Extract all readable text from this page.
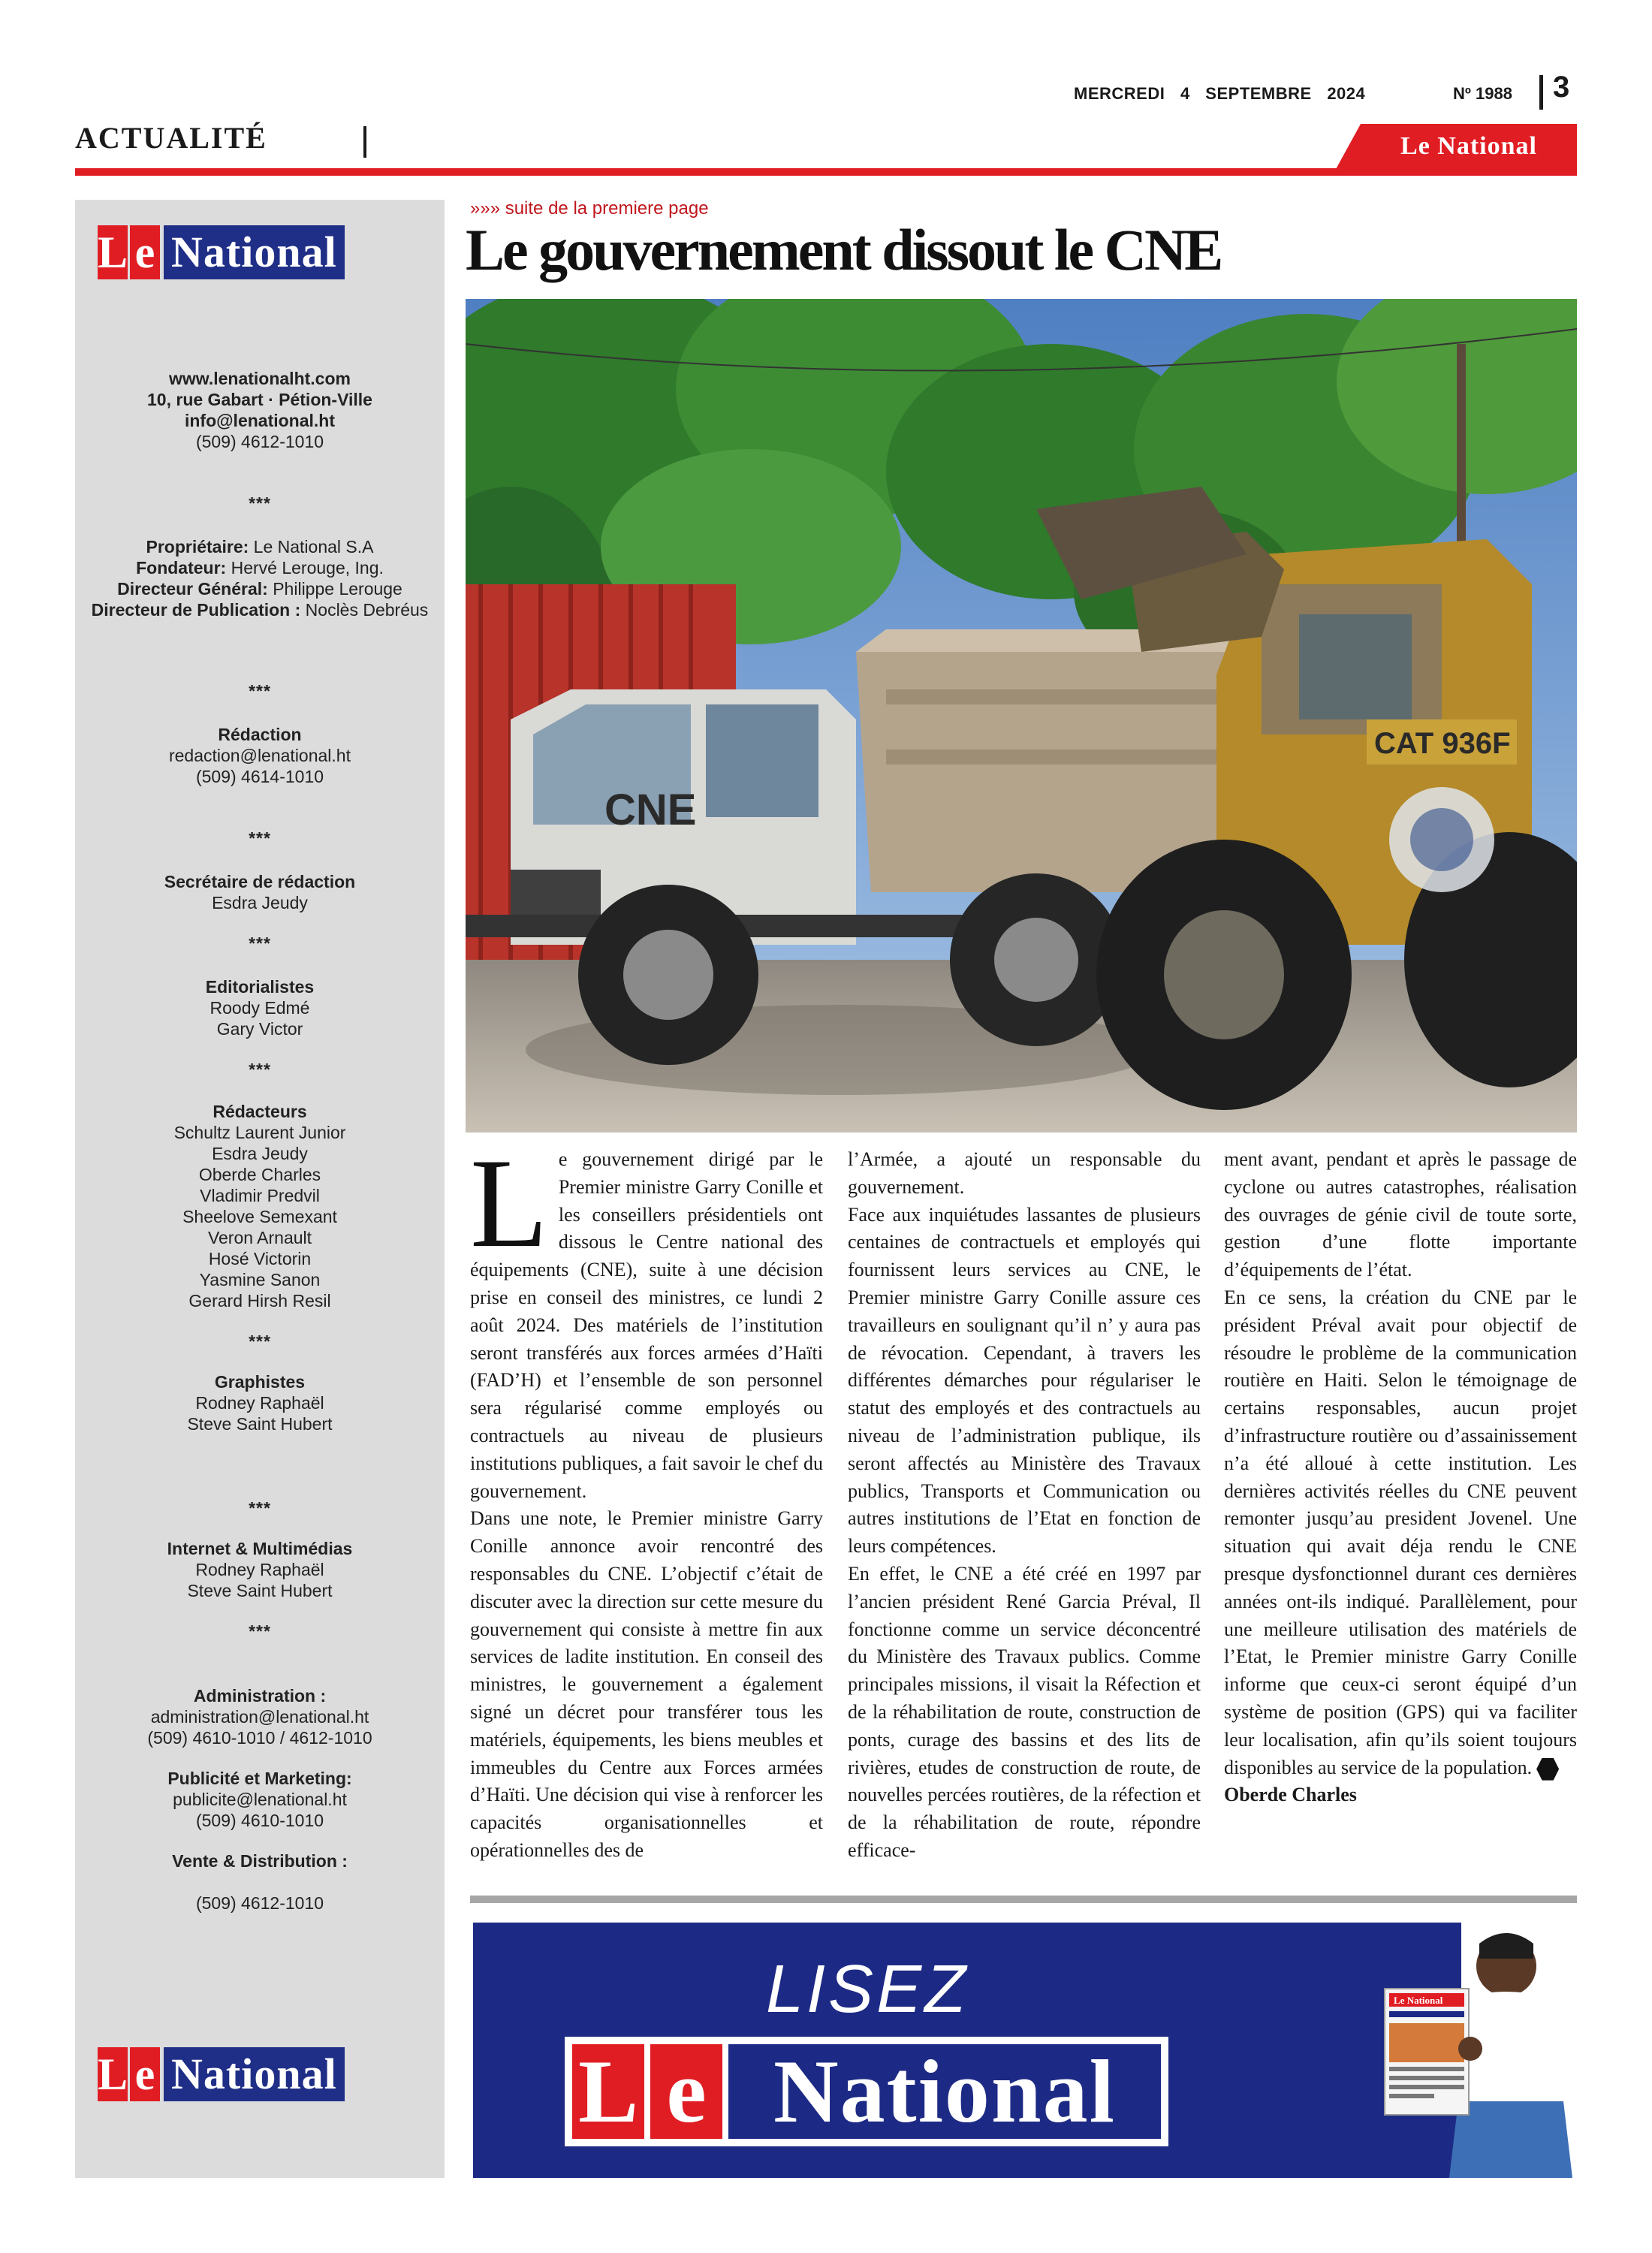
MERCREDI 4 SEPTEMBRE 2024	Nº 1988 3
ACTUALITÉ	Le National
L e National
www.lenationalht.com
10, rue Gabart · Pétion-Ville
info@lenational.ht
(509) 4612-1010
***
Propriétaire: Le National S.A
Fondateur: Hervé Lerouge, Ing.
Directeur Général: Philippe Lerouge
Directeur de Publication : Noclès Debréus
***
Rédaction
redaction@lenational.ht
(509) 4614-1010
***
Secrétaire de rédaction
Esdra Jeudy
***
Editorialistes
Roody Edmé
Gary Victor
***
Rédacteurs
Schultz Laurent Junior
Esdra Jeudy
Oberde Charles
Vladimir Predvil
Sheelove Semexant
Veron Arnault
Hosé Victorin
Yasmine Sanon
Gerard Hirsh Resil
***
Graphistes
Rodney Raphaël
Steve Saint Hubert
***
Internet & Multimédias
Rodney Raphaël
Steve Saint Hubert
***
Administration :
administration@lenational.ht
(509) 4610-1010 / 4612-1010
Publicité et Marketing:
publicite@lenational.ht
(509) 4610-1010
Vente & Distribution :
(509) 4612-1010
L e National
»»» suite de la premiere page
Le gouvernement dissout le CNE
CNE
CAT 936F

Le gouvernement dirigé par le Premier ministre Garry Conille et les conseillers présidentiels ont dissous le Centre national des équipements (CNE), suite à une décision prise en conseil des ministres, ce lundi 2 août 2024. Des matériels de l’institution seront transférés aux forces armées d’Haïti (FAD’H) et l’ensemble de son personnel sera régularisé comme employés ou contractuels au niveau de plusieurs institutions publiques, a fait savoir le chef du gouvernement.

Dans une note, le Premier ministre Garry Conille annonce avoir rencontré des responsables du CNE. L’objectif c’était de discuter avec la direction sur cette mesure du gouvernement qui consiste à mettre fin aux services de ladite institution. En conseil des ministres, le gouvernement a également signé un décret pour transférer tous les matériels, équipements, les biens meubles et immeubles du Centre aux Forces armées d’Haïti. Une décision qui vise à renforcer les capacités organisationnelles et opérationnelles des de

l’Armée, a ajouté un responsable du gouvernement.

Face aux inquiétudes lassantes de plusieurs centaines de contractuels et employés qui fournissent leurs services au CNE, le Premier ministre Garry Conille assure ces travailleurs en soulignant qu’il n’ y aura pas de révocation. Cependant, à travers les différentes démarches pour régulariser le statut des employés et des contractuels au niveau de l’administration publique, ils seront affectés au Ministère des Travaux publics, Transports et Communication ou autres institutions de l’Etat en fonction de leurs compétences.

En effet, le CNE a été créé en 1997 par l’ancien président René Garcia Préval, Il fonctionne comme un service déconcentré du Ministère des Travaux publics. Comme principales missions, il visait la Réfection et de la réhabilitation de route, construction de ponts, curage des bassins et des lits de rivières, etudes de construction de route, de nouvelles percées routières, de la réfection et de la réhabilitation de route, répondre efficace-

ment avant, pendant et après le passage de cyclone ou autres catastrophes, réalisation des ouvrages de génie civil de toute sorte, gestion d’une flotte importante d’équipements de l’état.

En ce sens, la création du CNE par le président Préval avait pour objectif de résoudre le problème de la communication routière en Haiti. Selon le témoignage de certains responsables, aucun projet d’infrastructure routière ou d’assainissement n’a été alloué à cette institution. Les dernières activités réelles du CNE peuvent remonter jusqu’au president Jovenel. Une situation qui avait déja rendu le CNE presque dysfonctionnel durant ces dernières années ont-ils indiqué. Parallèlement, pour une meilleure utilisation des matériels de l’Etat, le Premier ministre Garry Conille informe que ceux-ci seront équipé d’un système de position (GPS) qui va faciliter leur localisation, afin qu’ils soient toujours disponibles au service de la population.

Oberde Charles

LISEZ
L e National
Le National
